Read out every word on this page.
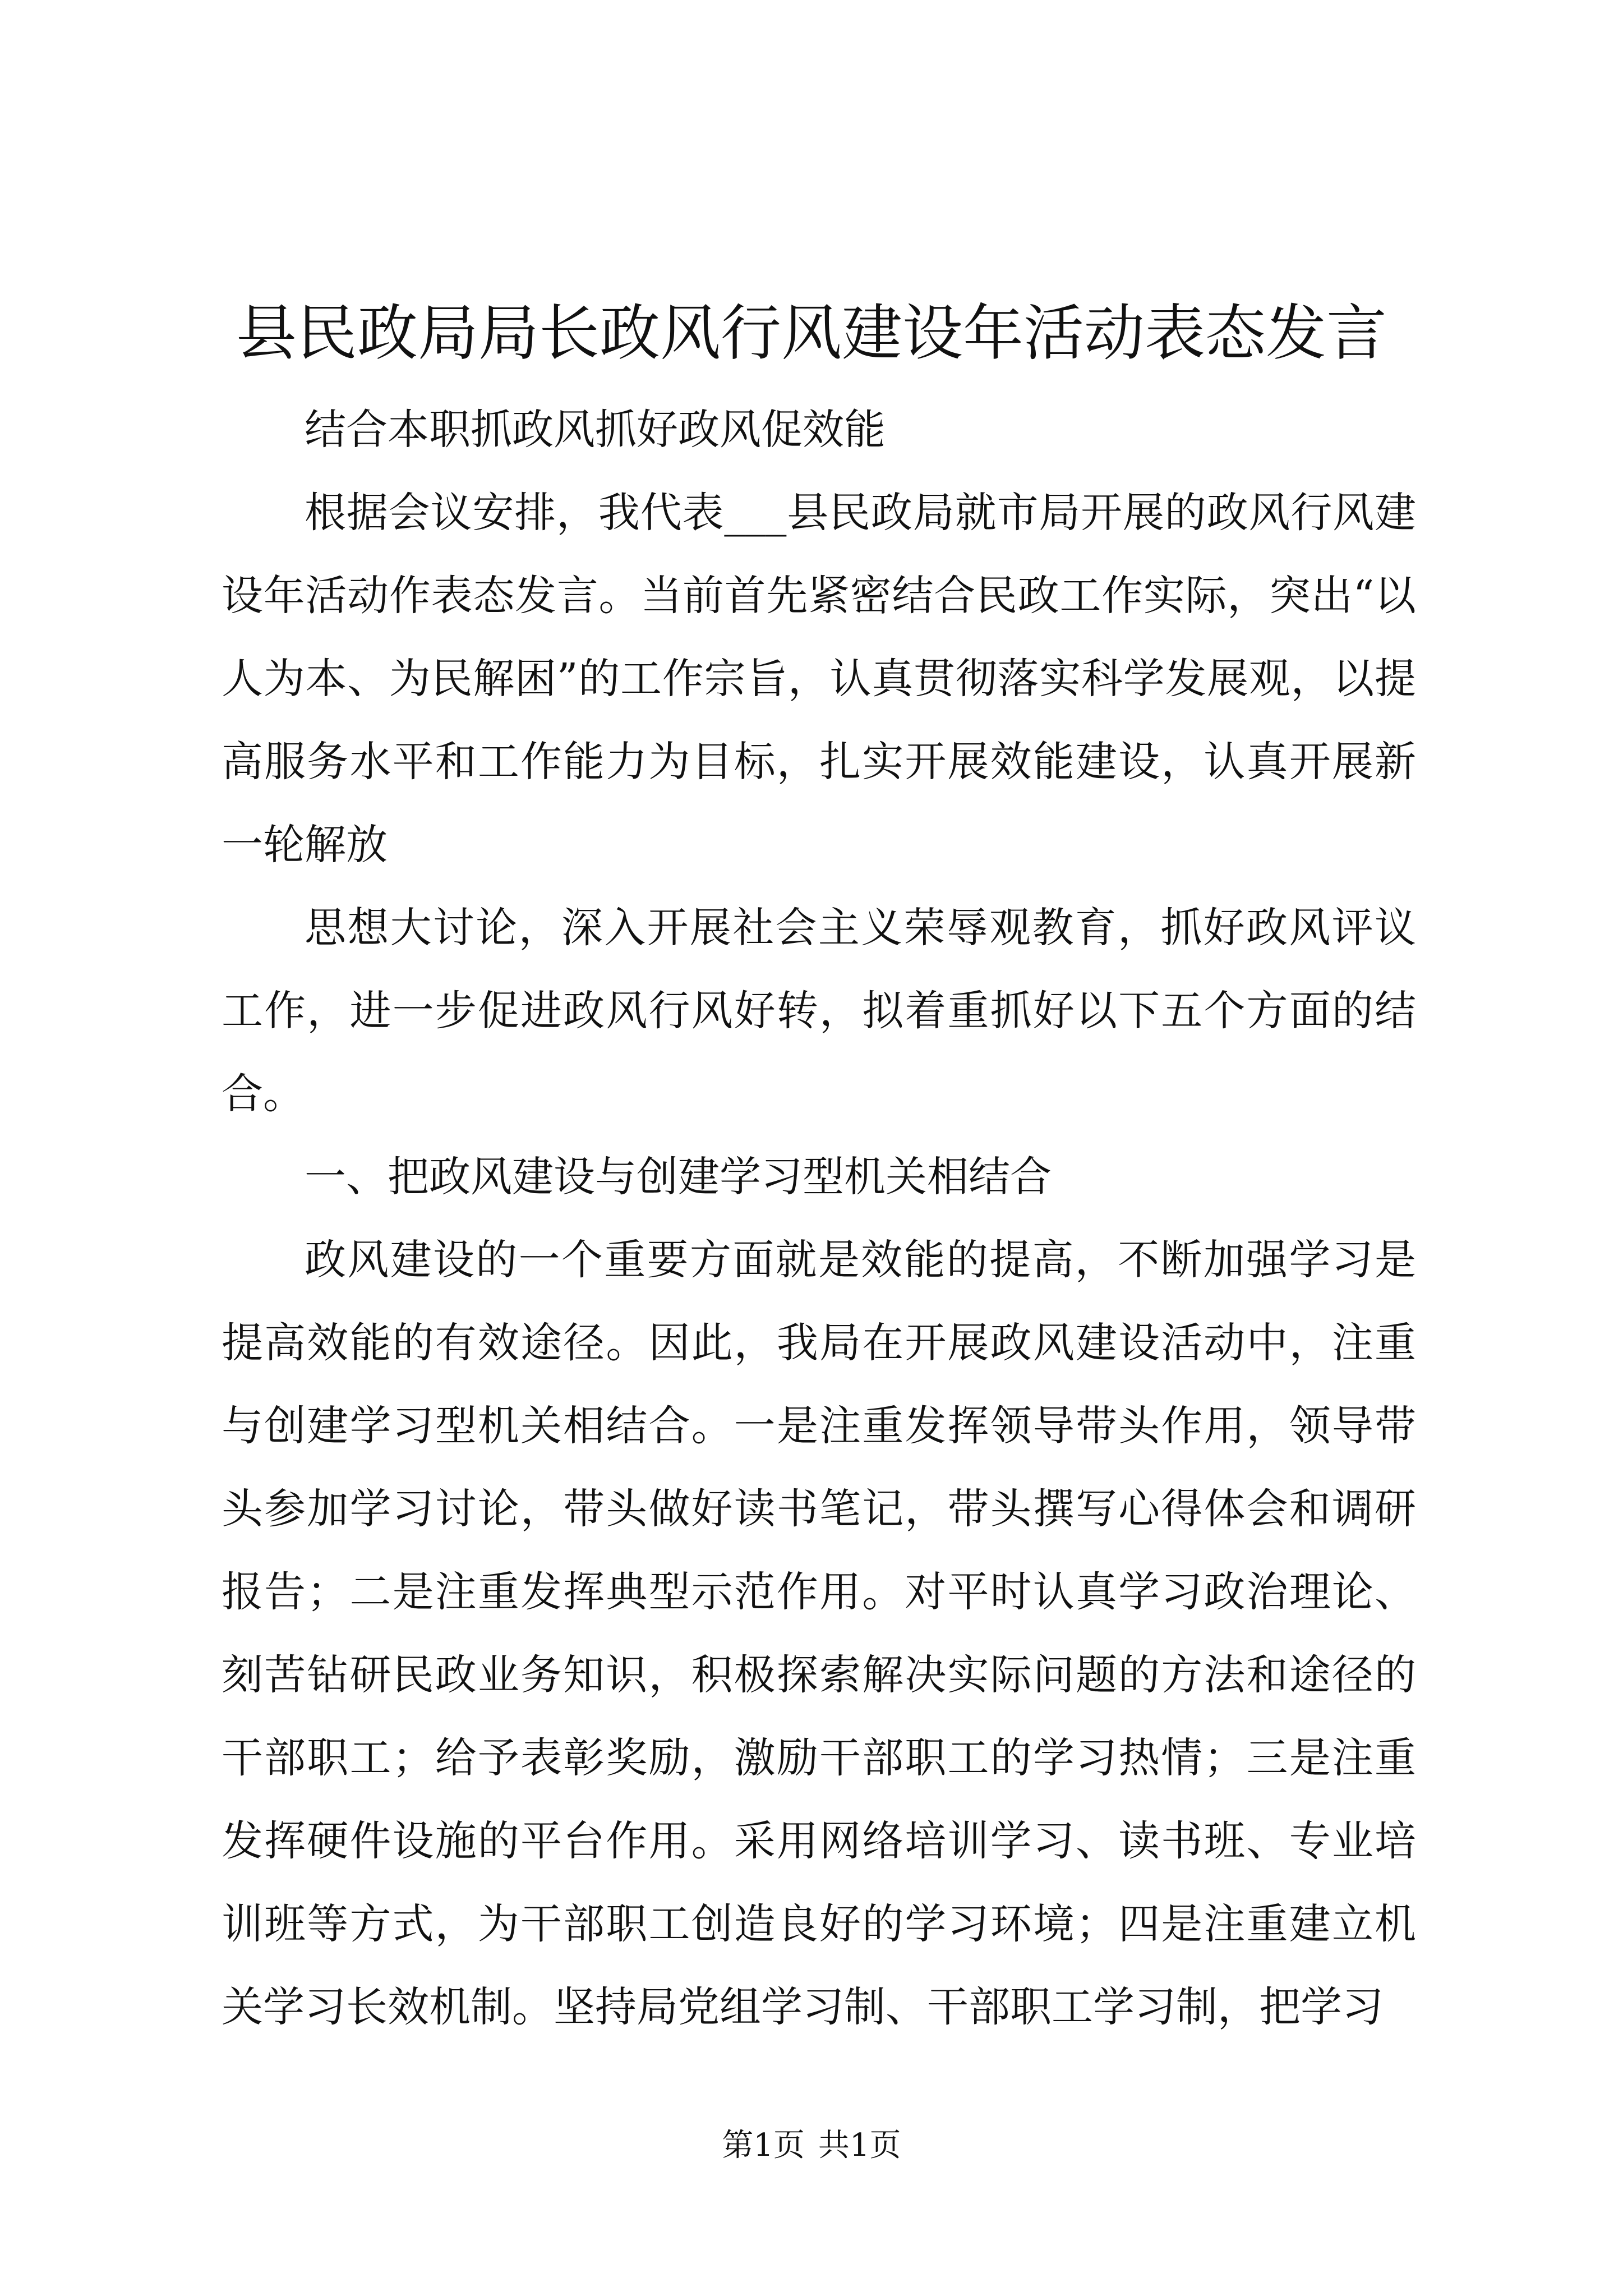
县民政局局长政风行风建设年活动表态发言

结合本职抓政风抓好政风促效能

根据会议安排，我代表___县民政局就市局开展的政风行风建设年活动作表态发言。当前首先紧密结合民政工作实际，突出“以人为本、为民解困”的工作宗旨，认真贯彻落实科学发展观，以提高服务水平和工作能力为目标，扎实开展效能建设，认真开展新一轮解放

思想大讨论，深入开展社会主义荣辱观教育，抓好政风评议工作，进一步促进政风行风好转，拟着重抓好以下五个方面的结合。

一、把政风建设与创建学习型机关相结合

政风建设的一个重要方面就是效能的提高，不断加强学习是提高效能的有效途径。因此，我局在开展政风建设活动中，注重与创建学习型机关相结合。一是注重发挥领导带头作用，领导带头参加学习讨论，带头做好读书笔记，带头撰写心得体会和调研报告；二是注重发挥典型示范作用。对平时认真学习政治理论、刻苦钻研民政业务知识，积极探索解决实际问题的方法和途径的干部职工；给予表彰奖励，激励干部职工的学习热情；三是注重发挥硬件设施的平台作用。采用网络培训学习、读书班、专业培训班等方式，为干部职工创造良好的学习环境；四是注重建立机关学习长效机制。坚持局党组学习制、干部职工学习制，把学习

第1页 共1页
